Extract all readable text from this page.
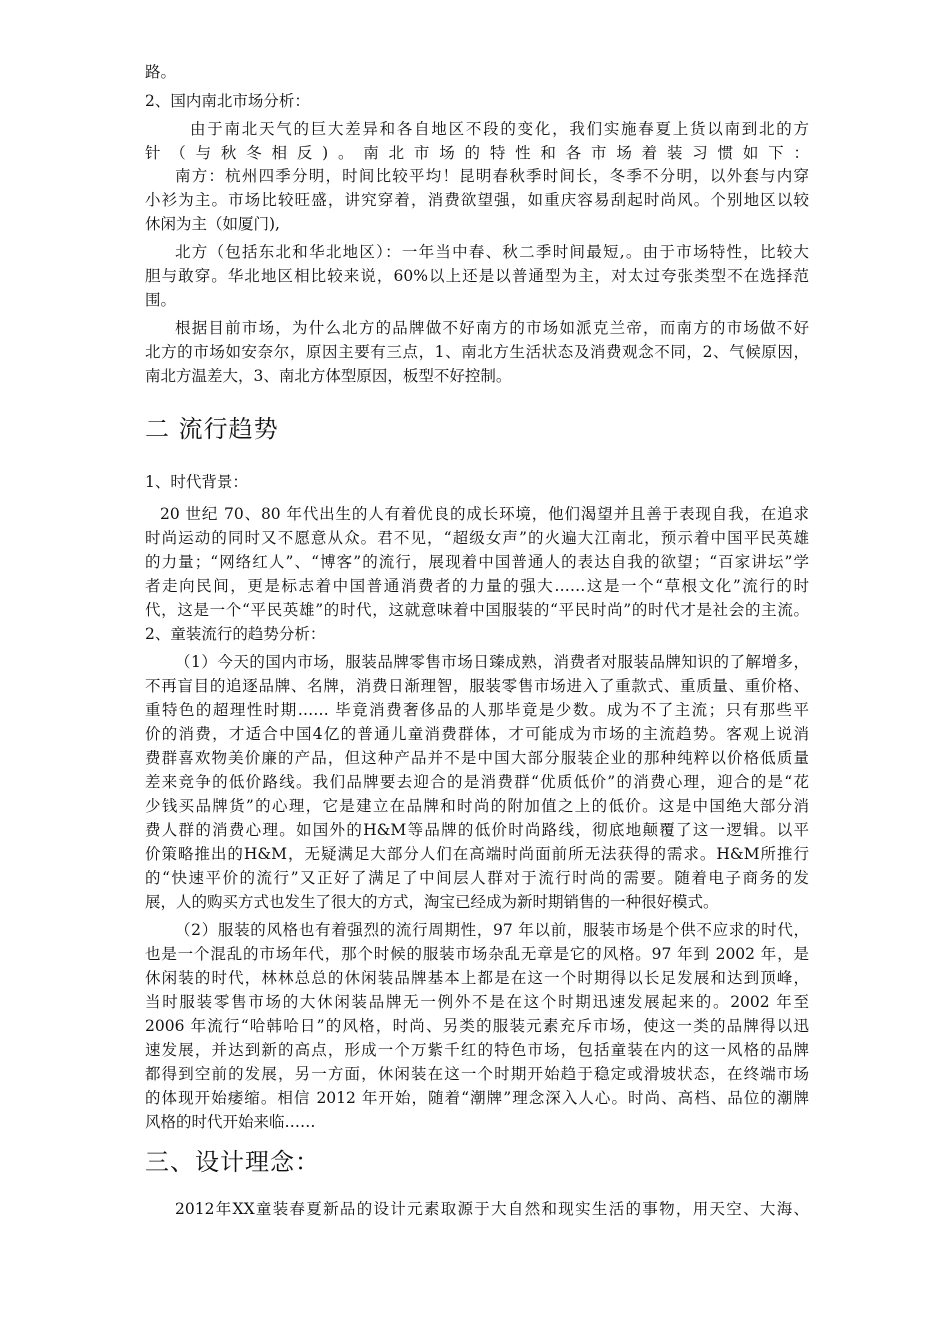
路。
2、国内南北市场分析：
由于南北天气的巨大差异和各自地区不段的变化，我们实施春夏上货以南到北的方
针（与秋冬相反)。南北市场的特性和各市场着装习惯如下：
南方：杭州四季分明，时间比较平均！昆明春秋季时间长，冬季不分明，以外套与内穿
小衫为主。市场比较旺盛，讲究穿着，消费欲望强，如重庆容易刮起时尚风。个别地区以较
休闲为主（如厦门),
北方（包括东北和华北地区）：一年当中春、秋二季时间最短,。由于市场特性，比较大
胆与敢穿。华北地区相比较来说，60%以上还是以普通型为主，对太过夸张类型不在选择范
围。
根据目前市场，为什么北方的品牌做不好南方的市场如派克兰帝，而南方的市场做不好
北方的市场如安奈尔，原因主要有三点，1、南北方生活状态及消费观念不同，2、气候原因，
南北方温差大，3、南北方体型原因，板型不好控制。
二 流行趋势
1、时代背景：
20 世纪 70、80 年代出生的人有着优良的成长环境，他们渴望并且善于表现自我，在追求
时尚运动的同时又不愿意从众。君不见，“超级女声”的火遍大江南北，预示着中国平民英雄
的力量；“网络红人”、“博客”的流行，展现着中国普通人的表达自我的欲望；“百家讲坛”学
者走向民间，更是标志着中国普通消费者的力量的强大……这是一个“草根文化”流行的时
代，这是一个“平民英雄”的时代，这就意味着中国服装的“平民时尚”的时代才是社会的主流。
2、童装流行的趋势分析：
（1）今天的国内市场，服装品牌零售市场日臻成熟，消费者对服装品牌知识的了解增多，
不再盲目的追逐品牌、名牌，消费日渐理智，服装零售市场进入了重款式、重质量、重价格、
重特色的超理性时期…… 毕竟消费奢侈品的人那毕竟是少数。成为不了主流；只有那些平
价的消费，才适合中国4亿的普通儿童消费群体，才可能成为市场的主流趋势。客观上说消
费群喜欢物美价廉的产品，但这种产品并不是中国大部分服装企业的那种纯粹以价格低质量
差来竞争的低价路线。我们品牌要去迎合的是消费群“优质低价”的消费心理，迎合的是“花
少钱买品牌货”的心理，它是建立在品牌和时尚的附加值之上的低价。这是中国绝大部分消
费人群的消费心理。如国外的H&M等品牌的低价时尚路线，彻底地颠覆了这一逻辑。以平
价策略推出的H&M，无疑满足大部分人们在高端时尚面前所无法获得的需求。H&M所推行
的“快速平价的流行”又正好了满足了中间层人群对于流行时尚的需要。随着电子商务的发
展，人的购买方式也发生了很大的方式，淘宝已经成为新时期销售的一种很好模式。
（2）服装的风格也有着强烈的流行周期性，97 年以前，服装市场是个供不应求的时代，
也是一个混乱的市场年代，那个时候的服装市场杂乱无章是它的风格。97 年到 2002 年，是
休闲装的时代，林林总总的休闲装品牌基本上都是在这一个时期得以长足发展和达到顶峰，
当时服装零售市场的大休闲装品牌无一例外不是在这个时期迅速发展起来的。2002 年至
2006 年流行“哈韩哈日”的风格，时尚、另类的服装元素充斥市场，使这一类的品牌得以迅
速发展，并达到新的高点，形成一个万紫千红的特色市场，包括童装在内的这一风格的品牌
都得到空前的发展，另一方面，休闲装在这一个时期开始趋于稳定或滑坡状态，在终端市场
的体现开始痿缩。相信 2012 年开始，随着“潮牌”理念深入人心。时尚、高档、品位的潮牌
风格的时代开始来临……
三、设计理念：
2012年XX童装春夏新品的设计元素取源于大自然和现实生活的事物，用天空、大海、
